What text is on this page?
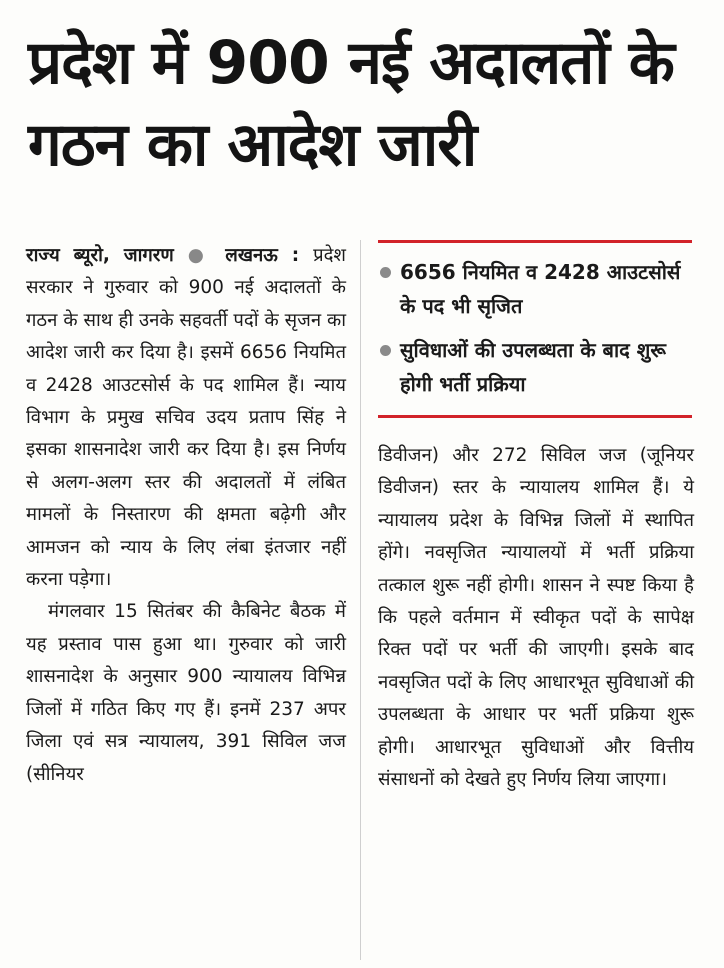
प्रदेश में 900 नई अदालतों के गठन का आदेश जारी

राज्य ब्यूरो, जागरण ● लखनऊ : प्रदेश सरकार ने गुरुवार को 900 नई अदालतों के गठन के साथ ही उनके सहवर्ती पदों के सृजन का आदेश जारी कर दिया है। इसमें 6656 नियमित व 2428 आउटसोर्स के पद शामिल हैं। न्याय विभाग के प्रमुख सचिव उदय प्रताप सिंह ने इसका शासनादेश जारी कर दिया है। इस निर्णय से अलग-अलग स्तर की अदालतों में लंबित मामलों के निस्तारण की क्षमता बढ़ेगी और आमजन को न्याय के लिए लंबा इंतजार नहीं करना पड़ेगा।

मंगलवार 15 सितंबर की कैबिनेट बैठक में यह प्रस्ताव पास हुआ था। गुरुवार को जारी शासनादेश के अनुसार 900 न्यायालय विभिन्न जिलों में गठित किए गए हैं। इनमें 237 अपर जिला एवं सत्र न्यायालय, 391 सिविल जज (सीनियर

6656 नियमित व 2428 आउटसोर्स के पद भी सृजित
सुविधाओं की उपलब्धता के बाद शुरू होगी भर्ती प्रक्रिया

डिवीजन) और 272 सिविल जज (जूनियर डिवीजन) स्तर के न्यायालय शामिल हैं। ये न्यायालय प्रदेश के विभिन्न जिलों में स्थापित होंगे। नवसृजित न्यायालयों में भर्ती प्रक्रिया तत्काल शुरू नहीं होगी। शासन ने स्पष्ट किया है कि पहले वर्तमान में स्वीकृत पदों के सापेक्ष रिक्त पदों पर भर्ती की जाएगी। इसके बाद नवसृजित पदों के लिए आधारभूत सुविधाओं की उपलब्धता के आधार पर भर्ती प्रक्रिया शुरू होगी। आधारभूत सुविधाओं और वित्तीय संसाधनों को देखते हुए निर्णय लिया जाएगा।
